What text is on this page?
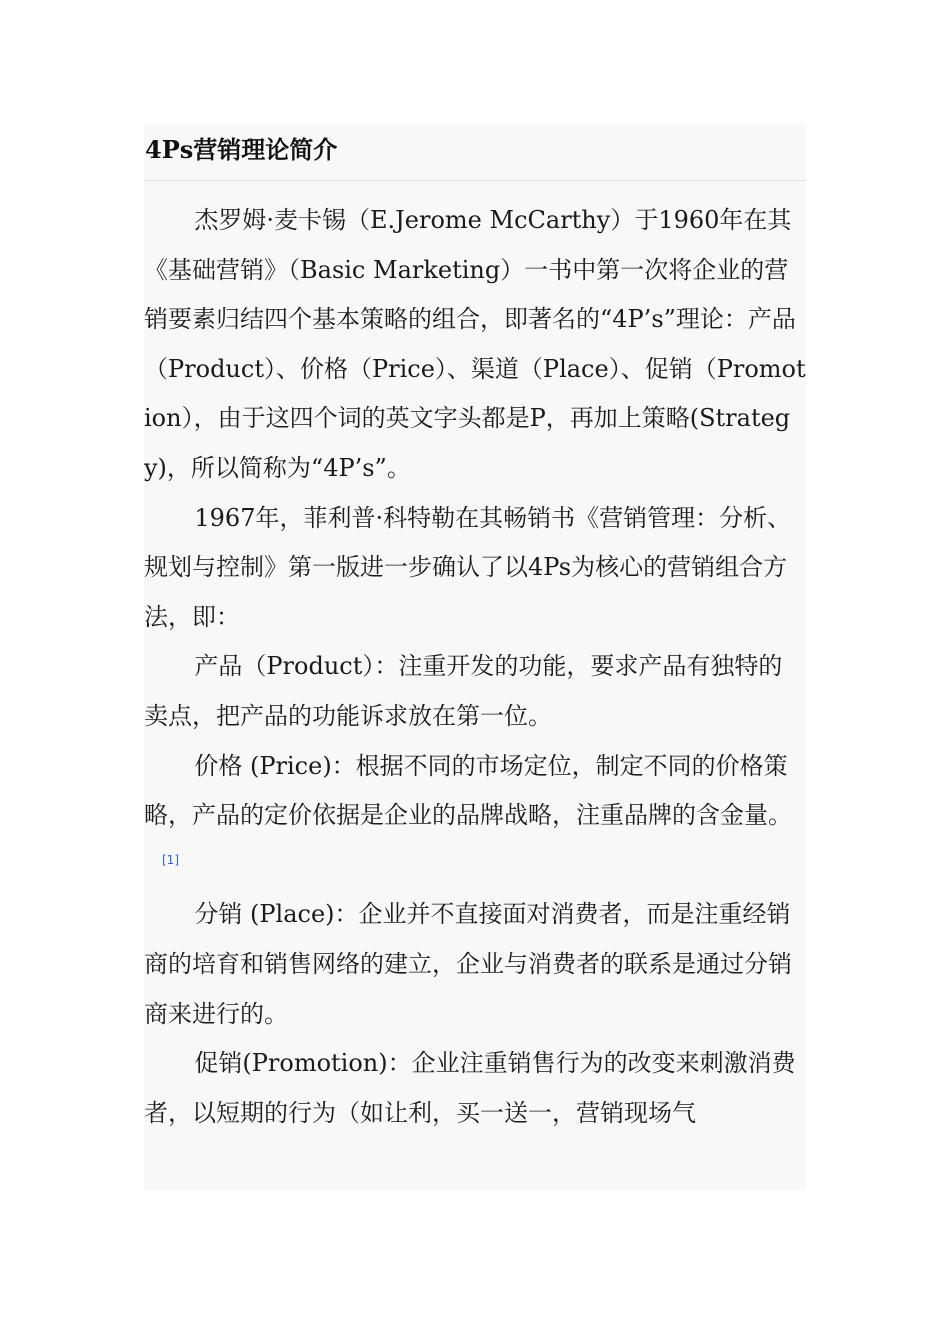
4Ps营销理论简介

杰罗姆·麦卡锡（E.Jerome McCarthy）于1960年在其《基础营销》（Basic Marketing）一书中第一次将企业的营销要素归结四个基本策略的组合，即著名的“4P’s”理论：产品（Product）、价格（Price）、渠道（Place）、促销（Promotion），由于这四个词的英文字头都是P，再加上策略(Strategy)，所以简称为“4P’s”。

1967年，菲利普·科特勒在其畅销书《营销管理：分析、规划与控制》第一版进一步确认了以4Ps为核心的营销组合方法，即：

产品（Product）：注重开发的功能，要求产品有独特的卖点，把产品的功能诉求放在第一位。

价格 (Price)：根据不同的市场定位，制定不同的价格策略，产品的定价依据是企业的品牌战略，注重品牌的含金量。[1]

分销 (Place)：企业并不直接面对消费者，而是注重经销商的培育和销售网络的建立，企业与消费者的联系是通过分销商来进行的。

促销(Promotion)：企业注重销售行为的改变来刺激消费者，以短期的行为（如让利，买一送一，营销现场气
